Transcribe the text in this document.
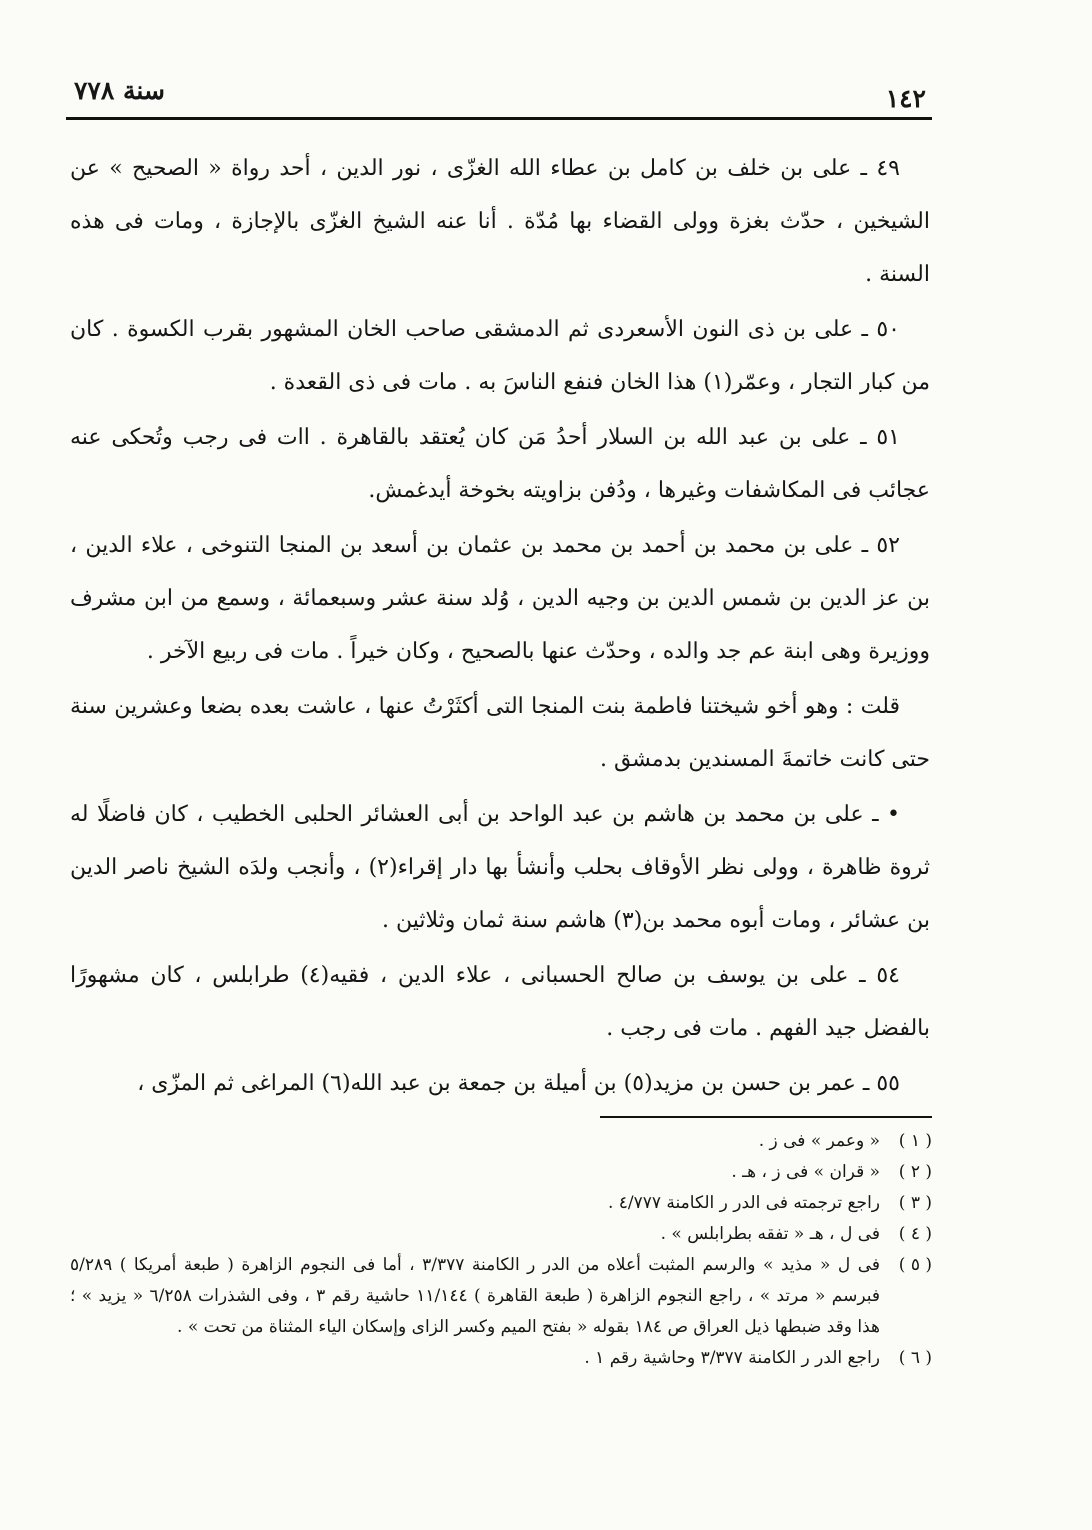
١٤٢
سنة ٧٧٨

٤٩ ـ على بن خلف بن كامل بن عطاء الله الغزّى ، نور الدين ، أحد رواة « الصحيح » عن الشيخين ، حدّث بغزة وولى القضاء بها مُدّة . أنا عنه الشيخ الغزّى بالإجازة ، ومات فى هذه السنة .

٥٠ ـ على بن ذى النون الأسعردى ثم الدمشقى صاحب الخان المشهور بقرب الكسوة . كان من كبار التجار ، وعمّر(١) هذا الخان فنفع الناسَ به . مات فى ذى القعدة .

٥١ ـ على بن عبد الله بن السلار أحدُ مَن كان يُعتقد بالقاهرة . اات فى رجب وتُحكى عنه عجائب فى المكاشفات وغيرها ، ودُفن بزاويته بخوخة أيدغمش.

٥٢ ـ على بن محمد بن أحمد بن محمد بن عثمان بن أسعد بن المنجا التنوخى ، علاء الدين ، بن عز الدين بن شمس الدين بن وجيه الدين ، وُلد سنة عشر وسبعمائة ، وسمع من ابن مشرف ووزيرة وهى ابنة عم جد والده ، وحدّث عنها بالصحيح ، وكان خيراً . مات فى ربيع الآخر .

قلت : وهو أخو شيختنا فاطمة بنت المنجا التى أكثَرْتُ عنها ، عاشت بعده بضعا وعشرين سنة حتى كانت خاتمةَ المسندين بدمشق .

• ـ على بن محمد بن هاشم بن عبد الواحد بن أبى العشائر الحلبى الخطيب ، كان فاضلًا له ثروة ظاهرة ، وولى نظر الأوقاف بحلب وأنشأ بها دار إقراء(٢) ، وأنجب ولدَه الشيخ ناصر الدين بن عشائر ، ومات أبوه محمد بن(٣) هاشم سنة ثمان وثلاثين .

٥٤ ـ على بن يوسف بن صالح الحسبانى ، علاء الدين ، فقيه(٤) طرابلس ، كان مشهورًا بالفضل جيد الفهم . مات فى رجب .

٥٥ ـ عمر بن حسن بن مزيد(٥) بن أميلة بن جمعة بن عبد الله(٦) المراغى ثم المزّى ،

( ١ )
« وعمر » فى ز .
( ٢ )
« قران » فى ز ، هـ .
( ٣ )
راجع ترجمته فى الدر ر الكامنة ٤/٧٧٧ .
( ٤ )
فى ل ، هـ « تفقه بطرابلس » .
( ٥ )
فى ل « مذيد » والرسم المثبت أعلاه من الدر ر الكامنة ٣/٣٧٧ ، أما فى النجوم الزاهرة ( طبعة أمريكا ) ٥/٢٨٩ فبرسم « مرتد » ، راجع النجوم الزاهرة ( طبعة القاهرة ) ١١/١٤٤ حاشية رقم ٣ ، وفى الشذرات ٦/٢٥٨ « يزيد » ؛ هذا وقد ضبطها ذيل العراق ص ١٨٤ بقوله « بفتح الميم وكسر الزاى وإسكان الياء المثناة من تحت » .
( ٦ )
راجع الدر ر الكامنة ٣/٣٧٧ وحاشية رقم ١ .
